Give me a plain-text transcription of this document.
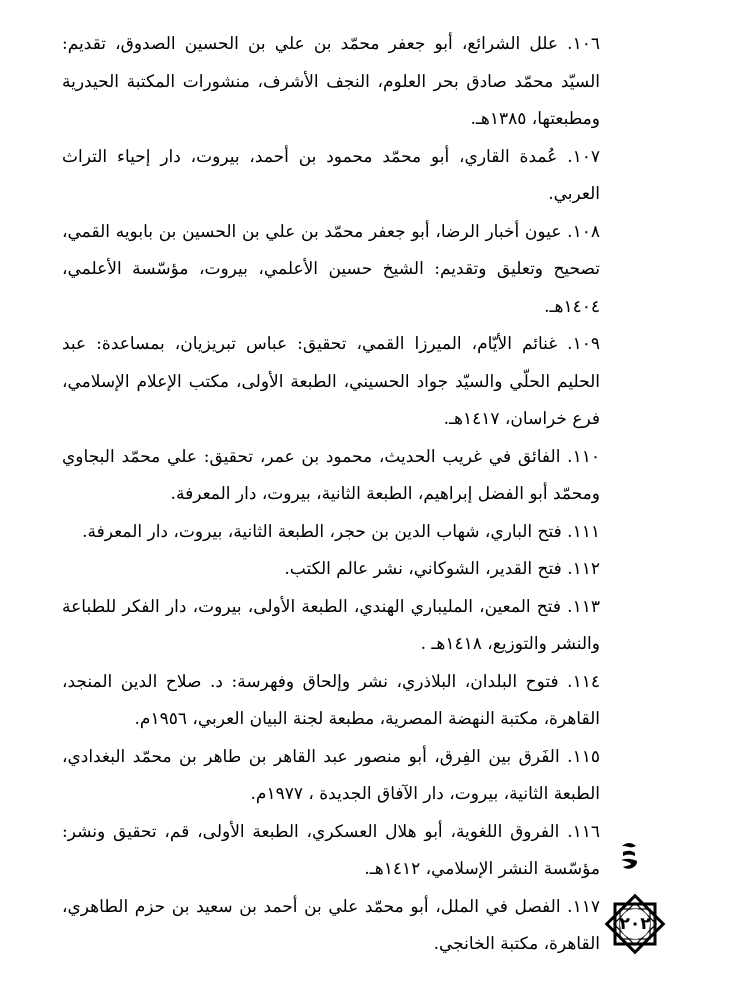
١٠٦. علل الشرائع، أبو جعفر محمّد بن علي بن الحسين الصدوق، تقديم: السيّد محمّد صادق بحر العلوم، النجف الأشرف، منشورات المكتبة الحيدرية ومطبعتها، ١٣٨٥هـ.

١٠٧. عُمدة القاري، أبو محمّد محمود بن أحمد، بيروت، دار إحياء التراث العربي.

١٠٨. عيون أخبار الرضا، أبو جعفر محمّد بن علي بن الحسين بن بابويه القمي، تصحيح وتعليق وتقديم: الشيخ حسين الأعلمي، بيروت، مؤسّسة الأعلمي، ١٤٠٤هـ.

١٠٩. غنائم الأيّام، الميرزا القمي، تحقيق: عباس تبريزيان، بمساعدة: عبد الحليم الحلّي والسيّد جواد الحسيني، الطبعة الأولى، مكتب الإعلام الإسلامي، فرع خراسان، ١٤١٧هـ.

١١٠. الفائق في غريب الحديث، محمود بن عمر، تحقيق: علي محمّد البجاوي ومحمّد أبو الفضل إبراهيم، الطبعة الثانية، بيروت، دار المعرفة.

١١١. فتح الباري، شهاب الدين بن حجر، الطبعة الثانية، بيروت، دار المعرفة.

١١٢. فتح القدير، الشوكاني، نشر عالم الكتب.

١١٣. فتح المعين، المليباري الهندي، الطبعة الأولى، بيروت، دار الفكر للطباعة والنشر والتوزيع، ١٤١٨هـ .

١١٤. فتوح البلدان، البلاذري، نشر وإلحاق وفهرسة: د. صلاح الدين المنجد، القاهرة، مكتبة النهضة المصرية، مطبعة لجنة البيان العربي، ١٩٥٦م.

١١٥. الفَرق بين الفِرق، أبو منصور عبد القاهر بن طاهر بن محمّد البغدادي، الطبعة الثانية، بيروت، دار الآفاق الجديدة ، ١٩٧٧م.

١١٦. الفروق اللغوية، أبو هلال العسكري، الطبعة الأولى، قم، تحقيق ونشر: مؤسّسة النشر الإسلامي، ١٤١٢هـ.

١١٧. الفصل في الملل، أبو محمّد علي بن أحمد بن سعيد بن حزم الطاهري، القاهرة، مكتبة الخانجي.

٢٠٢
